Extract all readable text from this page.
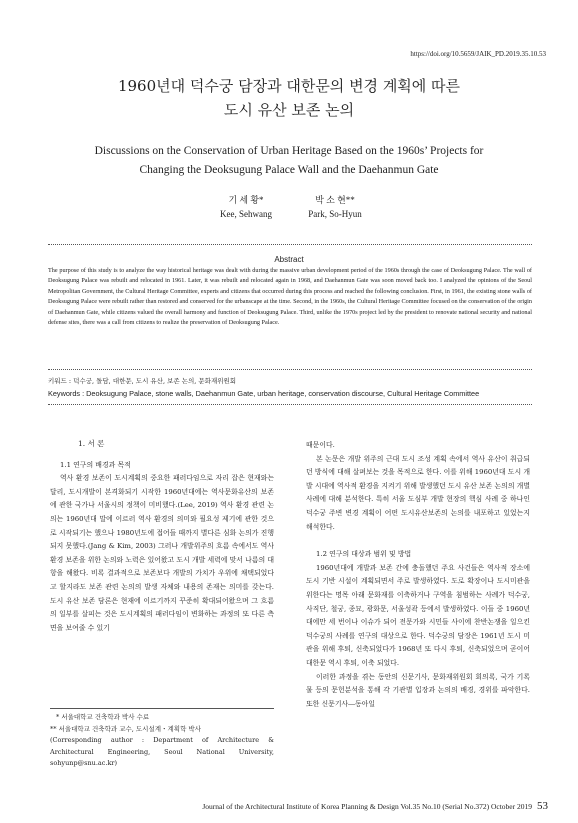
https://doi.org/10.5659/JAIK_PD.2019.35.10.53
1960년대 덕수궁 담장과 대한문의 변경 계획에 따른
도시 유산 보존 논의
Discussions on the Conservation of Urban Heritage Based on the 1960s’ Projects for
Changing the Deoksugung Palace Wall and the Daehanmun Gate
기 세 황*
Kee, Sehwang
박 소 현**
Park, So-Hyun
Abstract
The purpose of this study is to analyze the way historical heritage was dealt with during the massive urban development period of the 1960s through the case of Deoksugung Palace. The wall of Deoksugung Palace was rebuilt and relocated in 1961. Later, it was rebuilt and relocated again in 1968, and Daehanmun Gate was soon moved back too. I analyzed the opinions of the Seoul Metropolitan Government, the Cultural Heritage Committee, experts and citizens that occurred during this process and reached the following conclusion. First, in 1961, the existing stone walls of Deoksugung Palace were rebuilt rather than restored and conserved for the urbanscape at the time. Second, in the 1960s, the Cultural Heritage Committee focused on the conservation of the origin of Daehanmun Gate, while citizens valued the overall harmony and function of Deoksugung Palace. Third, unlike the 1970s project led by the president to renovate national security and national defense sites, there was a call from citizens to realize the preservation of Deoksugung Palace.
키워드 : 덕수궁, 돌담, 대한문, 도시 유산, 보존 논의, 문화재위원회
Keywords : Deoksugung Palace, stone walls, Daehanmun Gate, urban heritage, conservation discourse, Cultural Heritage Committee
1. 서 론
1.1 연구의 배경과 목적

역사 환경 보존이 도시계획의 중요한 패러다임으로 자리 잡은 현재와는 달리, 도시개발이 본격화되기 시작한 1960년대에는 역사문화유산의 보존에 관한 국가나 서울시의 정책이 미비했다.(Lee, 2019) 역사 환경 관련 논의는 1960년대 말에 이르러 역사 환경의 의미와 필요성 제기에 관한 것으로 시작되기는 했으나 1980년도에 접어들 때까지 별다른 심화 논의가 진행되지 못했다.(Jang & Kim, 2003) 그러나 개발위주의 흐름 속에서도 역사 환경 보존을 위한 논의와 노력은 있어왔고 도시 개발 세력에 맞서 나름의 대항을 해왔다. 비록 결과적으로 보존보다 개발의 가치가 우위에 채택되었다고 할지라도 보존 관련 논의의 발생 자체와 내용의 존재는 의미를 갖는다. 도시 유산 보존 담론은 현재에 이르기까지 꾸준히 확대되어왔으며 그 흐름의 일부를 살피는 것은 도시계획의 패러다임이 변화하는 과정의 또 다른 측면을 보여줄 수 있기

* 서울대학교 건축학과 박사 수료
** 서울대학교 건축학과 교수, 도시설계・계획학 박사
(Corresponding author : Department of Architecture & Architectural Engineering, Seoul National University, sohyunp@snu.ac.kr)

때문이다.

본 논문은 개발 위주의 근대 도시 조성 계획 속에서 역사 유산이 취급되던 방식에 대해 살펴보는 것을 목적으로 한다. 이를 위해 1960년대 도시 개발 시대에 역사적 환경을 지켜기 위해 발생했던 도시 유산 보존 논의의 개별 사례에 대해 분석한다. 특히 서울 도심부 개발 현장의 핵심 사례 중 하나인 덕수궁 주변 변경 계획이 어떤 도시유산보존의 논의를 내포하고 있었는지 해석한다.

1.2 연구의 대상과 범위 및 방법

1960년대에 개발과 보존 간에 충돌했던 주요 사건들은 역사적 장소에 도시 기반 시설이 계획되면서 주로 발생하였다. 도로 확장이나 도시미관을 위한다는 명목 아래 문화재를 이축하거나 구역을 침범하는 사례가 덕수궁, 사직단, 철궁, 종묘, 광화문, 서울성곽 등에서 발생하였다. 이들 중 1960년대에만 세 번이나 이슈가 되어 전문가와 시민들 사이에 찬반논쟁을 일으킨 덕수궁의 사례를 연구의 대상으로 한다. 덕수궁의 담장은 1961년 도시 미관을 위해 후퇴, 신축되었다가 1968년 또 다시 후퇴, 신축되었으며 곧이어 대한문 역시 후퇴, 이축 되었다.

이러한 과정을 겪는 동안의 신문기사, 문화재위원회 회의록, 국가 기록물 등의 문헌분석을 통해 각 기관별 입장과 논의의 배경, 경위를 파악한다. 또한 신문기사―동아일

Journal of the Architectural Institute of Korea Planning & Design Vol.35 No.10 (Serial No.372) October 2019 53
